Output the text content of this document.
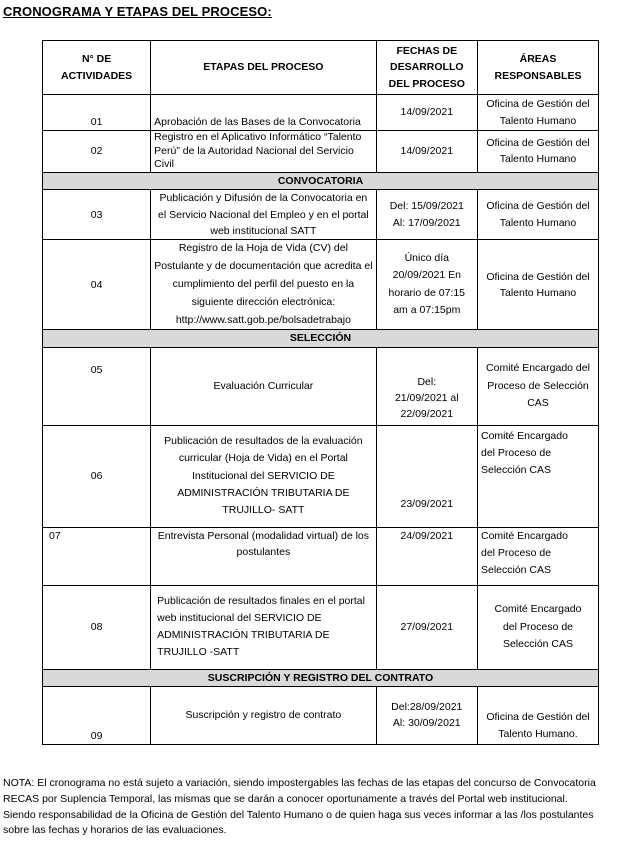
CRONOGRAMA Y ETAPAS DEL PROCESO:
N° DE ACTIVIDADES	ETAPAS DEL PROCESO	FECHAS DE DESARROLLO DEL PROCESO	ÁREAS RESPONSABLES
01	Aprobación de las Bases de la Convocatoria	14/09/2021	Oficina de Gestión del Talento Humano
02	Registro en el Aplicativo Informático “Talento Perú” de la Autoridad Nacional del Servicio Civil	14/09/2021	Oficina de Gestión del Talento Humano
CONVOCATORIA			
03	Publicación y Difusión de la Convocatoria en el Servicio Nacional del Empleo y en el portal web institucional SATT	Del: 15/09/2021 Al: 17/09/2021	Oficina de Gestión del Talento Humano
04	Registro de la Hoja de Vida (CV) del Postulante y de documentación que acredita el cumplimiento del perfil del puesto en la siguiente dirección electrónica: http://www.satt.gob.pe/bolsadetrabajo	Único día 20/09/2021 En horario de 07:15 am a 07:15pm	Oficina de Gestión del Talento Humano
SELECCIÓN			
05	Evaluación Curricular	Del: 21/09/2021 al 22/09/2021	Comité Encargado del Proceso de Selección CAS
06	Publicación de resultados de la evaluación curricular (Hoja de Vida) en el Portal Institucional del SERVICIO DE ADMINISTRACIÓN TRIBUTARIA DE TRUJILLO- SATT	23/09/2021	Comité Encargado del Proceso de Selección CAS
07	Entrevista Personal (modalidad virtual) de los postulantes	24/09/2021	Comité Encargado del Proceso de Selección CAS
08	Publicación de resultados finales en el portal web institucional del SERVICIO DE ADMINISTRACIÓN TRIBUTARIA DE TRUJILLO -SATT	27/09/2021	Comité Encargado del Proceso de Selección CAS
SUSCRIPCIÓN Y REGISTRO DEL CONTRATO			
09	Suscripción y registro de contrato	Del:28/09/2021 Al: 30/09/2021	Oficina de Gestión del Talento Humano.
NOTA: El cronograma no está sujeto a variación, siendo impostergables las fechas de las etapas del concurso de Convocatoria RECAS por Suplencia Temporal, las mismas que se darán a conocer oportunamente a través del Portal web institucional. Siendo responsabilidad de la Oficina de Gestión del Talento Humano o de quien haga sus veces informar a las /los postulantes sobre las fechas y horarios de las evaluaciones.
